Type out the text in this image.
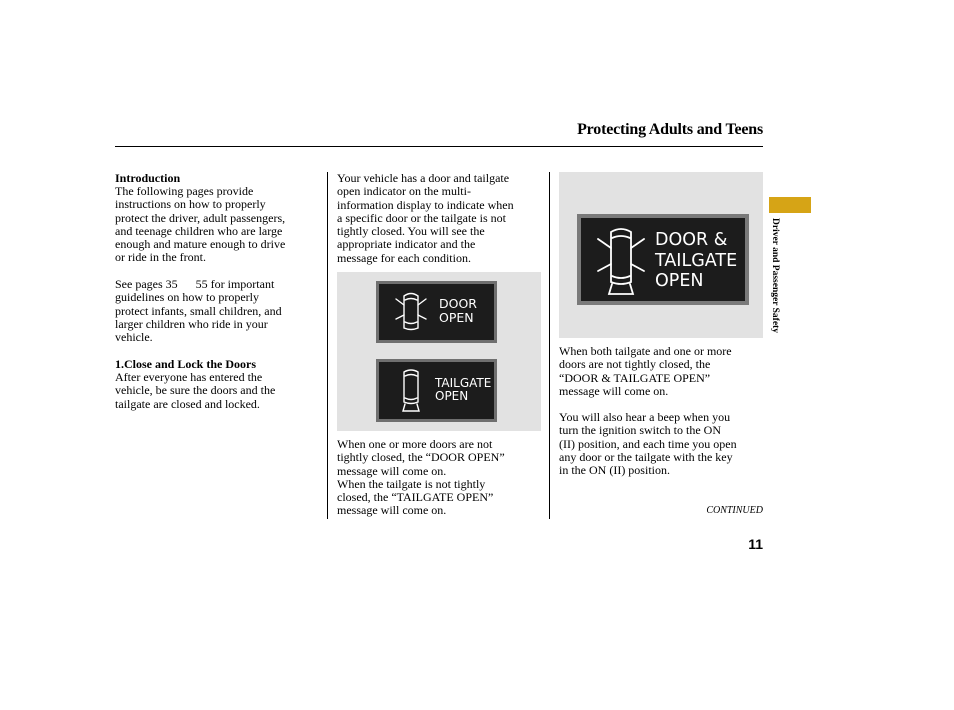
Protecting Adults and Teens
Introduction
The following pages provide
instructions on how to properly
protect the driver, adult passengers,
and teenage children who are large
enough and mature enough to drive
or ride in the front.
See pages 35      55 for important
guidelines on how to properly
protect infants, small children, and
larger children who ride in your
vehicle.
1.Close and Lock the Doors
After everyone has entered the
vehicle, be sure the doors and the
tailgate are closed and locked.
Your vehicle has a door and tailgate
open indicator on the multi-
information display to indicate when
a specific door or the tailgate is not
tightly closed. You will see the
appropriate indicator and the
message for each condition.
DOOR
OPEN
TAILGATE
OPEN
When one or more doors are not
tightly closed, the “DOOR OPEN”
message will come on.
When the tailgate is not tightly
closed, the “TAILGATE OPEN”
message will come on.
DOOR &
TAILGATE
OPEN
When both tailgate and one or more
doors are not tightly closed, the
“DOOR & TAILGATE OPEN”
message will come on.
You will also hear a beep when you
turn the ignition switch to the ON
(II) position, and each time you open
any door or the tailgate with the key
in the ON (II) position.
Driver and Passenger Safety
CONTINUED
11
